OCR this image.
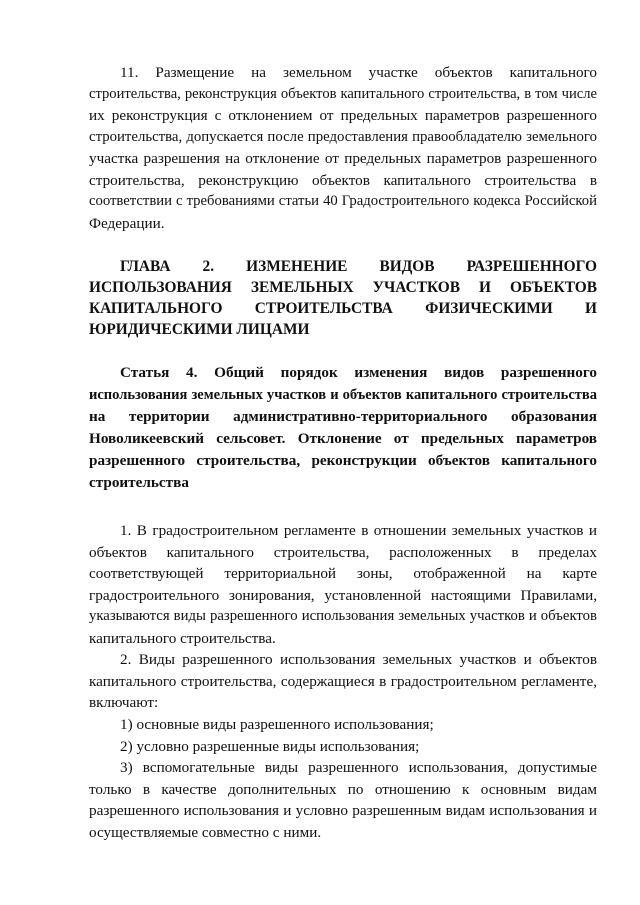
11. Размещение на земельном участке объектов капитального
строительства, реконструкция объектов капитального строительства, в том числе
их реконструкция с отклонением от предельных параметров разрешенного
строительства, допускается после предоставления правообладателю земельного
участка разрешения на отклонение от предельных параметров разрешенного
строительства, реконструкцию объектов капитального строительства в
соответствии с требованиями статьи 40 Градостроительного кодекса Российской
Федерации.
ГЛАВА 2. ИЗМЕНЕНИЕ ВИДОВ РАЗРЕШЕННОГО
ИСПОЛЬЗОВАНИЯ ЗЕМЕЛЬНЫХ УЧАСТКОВ И ОБЪЕКТОВ
КАПИТАЛЬНОГО СТРОИТЕЛЬСТВА ФИЗИЧЕСКИМИ И
ЮРИДИЧЕСКИМИ ЛИЦАМИ
Статья 4. Общий порядок изменения видов разрешенного
использования земельных участков и объектов капитального строительства
на территории административно-территориального образования
Новоликеевский сельсовет. Отклонение от предельных параметров
разрешенного строительства, реконструкции объектов капитального
строительства
1. В градостроительном регламенте в отношении земельных участков и
объектов капитального строительства, расположенных в пределах
соответствующей территориальной зоны, отображенной на карте
градостроительного зонирования, установленной настоящими Правилами,
указываются виды разрешенного использования земельных участков и объектов
капитального строительства.
2. Виды разрешенного использования земельных участков и объектов
капитального строительства, содержащиеся в градостроительном регламенте,
включают:
1) основные виды разрешенного использования;
2) условно разрешенные виды использования;
3) вспомогательные виды разрешенного использования, допустимые
только в качестве дополнительных по отношению к основным видам
разрешенного использования и условно разрешенным видам использования и
осуществляемые совместно с ними.
